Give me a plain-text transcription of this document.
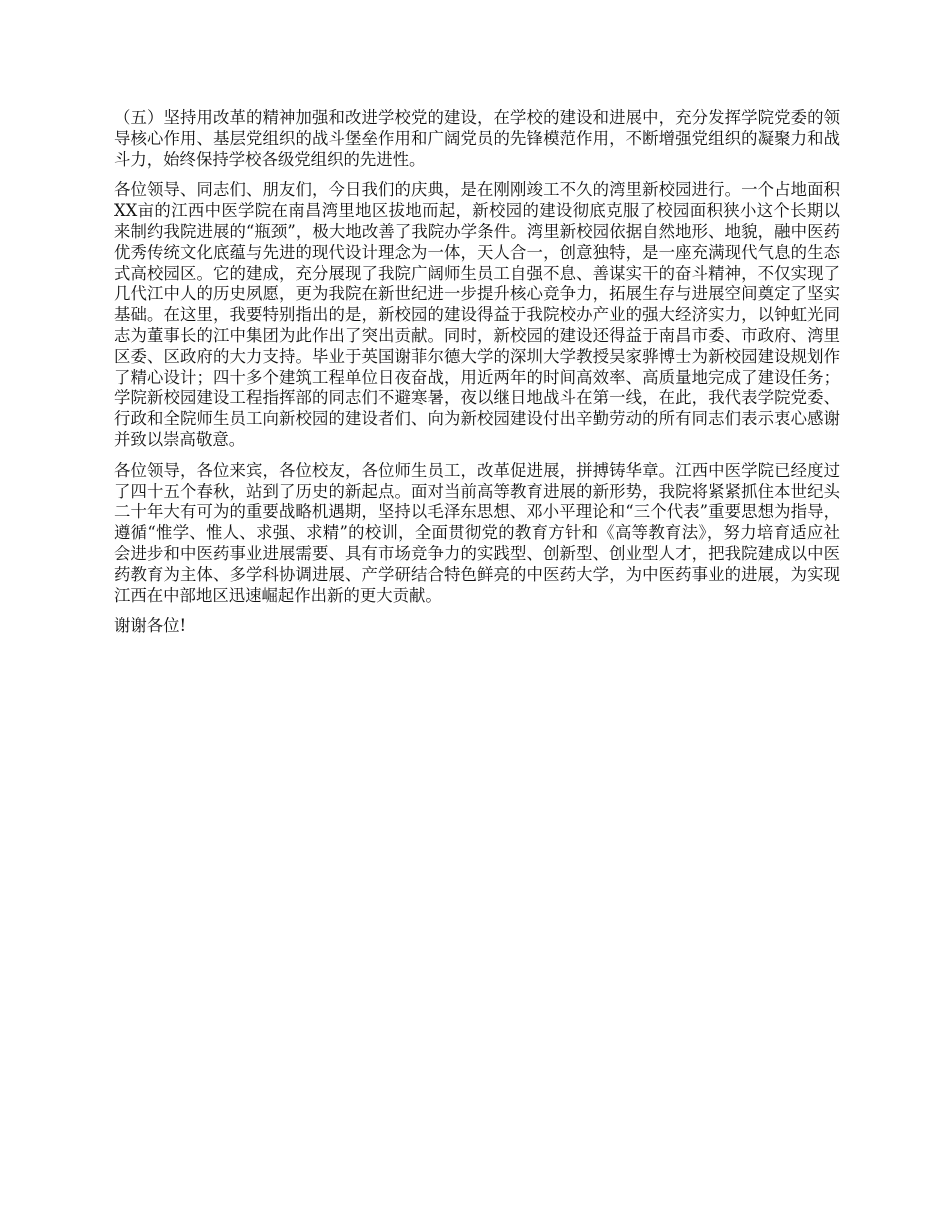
（五）坚持用改革的精神加强和改进学校党的建设，在学校的建设和进展中，充分发挥学院党委的领导核心作用、基层党组织的战斗堡垒作用和广阔党员的先锋模范作用，不断增强党组织的凝聚力和战斗力，始终保持学校各级党组织的先进性。

各位领导、同志们、朋友们，今日我们的庆典，是在刚刚竣工不久的湾里新校园进行。一个占地面积XX亩的江西中医学院在南昌湾里地区拔地而起，新校园的建设彻底克服了校园面积狭小这个长期以来制约我院进展的“瓶颈”，极大地改善了我院办学条件。湾里新校园依据自然地形、地貌，融中医药优秀传统文化底蕴与先进的现代设计理念为一体，天人合一，创意独特，是一座充满现代气息的生态式高校园区。它的建成，充分展现了我院广阔师生员工自强不息、善谋实干的奋斗精神，不仅实现了几代江中人的历史夙愿，更为我院在新世纪进一步提升核心竞争力，拓展生存与进展空间奠定了坚实基础。在这里，我要特别指出的是，新校园的建设得益于我院校办产业的强大经济实力，以钟虹光同志为董事长的江中集团为此作出了突出贡献。同时，新校园的建设还得益于南昌市委、市政府、湾里区委、区政府的大力支持。毕业于英国谢菲尔德大学的深圳大学教授吴家骅博士为新校园建设规划作了精心设计；四十多个建筑工程单位日夜奋战，用近两年的时间高效率、高质量地完成了建设任务；学院新校园建设工程指挥部的同志们不避寒暑，夜以继日地战斗在第一线，在此，我代表学院党委、行政和全院师生员工向新校园的建设者们、向为新校园建设付出辛勤劳动的所有同志们表示衷心感谢并致以崇高敬意。

各位领导，各位来宾，各位校友，各位师生员工，改革促进展，拼搏铸华章。江西中医学院已经度过了四十五个春秋，站到了历史的新起点。面对当前高等教育进展的新形势，我院将紧紧抓住本世纪头二十年大有可为的重要战略机遇期，坚持以毛泽东思想、邓小平理论和“三个代表”重要思想为指导，遵循“惟学、惟人、求强、求精”的校训，全面贯彻党的教育方针和《高等教育法》，努力培育适应社会进步和中医药事业进展需要、具有市场竞争力的实践型、创新型、创业型人才，把我院建成以中医药教育为主体、多学科协调进展、产学研结合特色鲜亮的中医药大学，为中医药事业的进展，为实现江西在中部地区迅速崛起作出新的更大贡献。

谢谢各位!
